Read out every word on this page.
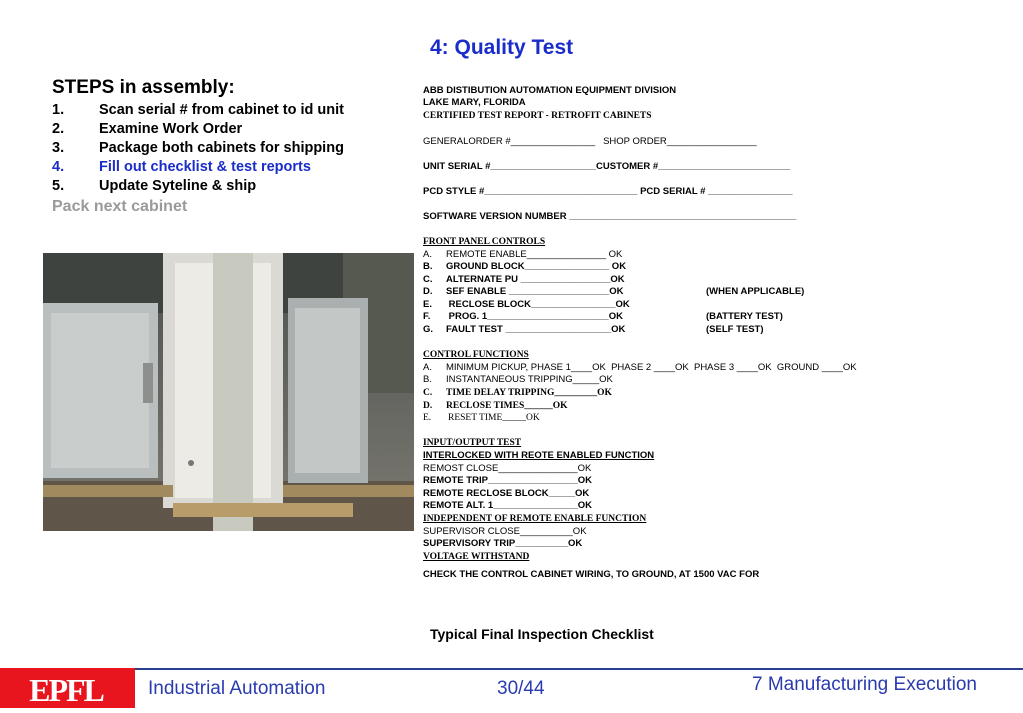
4: Quality Test
STEPS in assembly:
1. Scan serial # from cabinet to id unit
2. Examine Work Order
3. Package both cabinets for shipping
4. Fill out checklist & test reports
5. Update Syteline & ship
Pack next cabinet
ABB DISTIBUTION AUTOMATION EQUIPMENT DIVISION
LAKE MARY, FLORIDA
CERTIFIED TEST REPORT - RETROFIT CABINETS
GENERALORDER #________________   SHOP ORDER_________________
UNIT SERIAL #____________________CUSTOMER #_________________________
PCD STYLE #_____________________________ PCD SERIAL # ________________
SOFTWARE VERSION NUMBER ___________________________________________
FRONT PANEL CONTROLS
A. REMOTE ENABLE_______________ OK
B. GROUND BLOCK________________ OK
C. ALTERNATE PU _________________OK
D. SEF ENABLE ___________________OK	(WHEN APPLICABLE)
E. RECLOSE BLOCK________________OK
F. PROG. 1_______________________OK	(BATTERY TEST)
G. FAULT TEST ____________________OK	(SELF TEST)
CONTROL FUNCTIONS
A. MINIMUM PICKUP, PHASE 1____OK  PHASE 2 ____OK  PHASE 3 ____OK  GROUND ____OK
B. INSTANTANEOUS TRIPPING_____OK
C. TIME DELAY TRIPPING_________OK
D. RECLOSE TIMES______OK
E. RESET TIME_____OK
INPUT/OUTPUT TEST
INTERLOCKED WITH REOTE ENABLED FUNCTION
REMOST CLOSE_______________OK
REMOTE TRIP_________________OK
REMOTE RECLOSE BLOCK_____OK
REMOTE ALT. 1________________OK
INDEPENDENT OF REMOTE ENABLE FUNCTION
SUPERVISOR CLOSE__________OK
SUPERVISORY TRIP__________OK
VOLTAGE WITHSTAND
CHECK THE CONTROL CABINET WIRING, TO GROUND, AT 1500 VAC FOR
Typical Final Inspection Checklist
EPFL Industrial Automation	30/44	7 Manufacturing Execution
